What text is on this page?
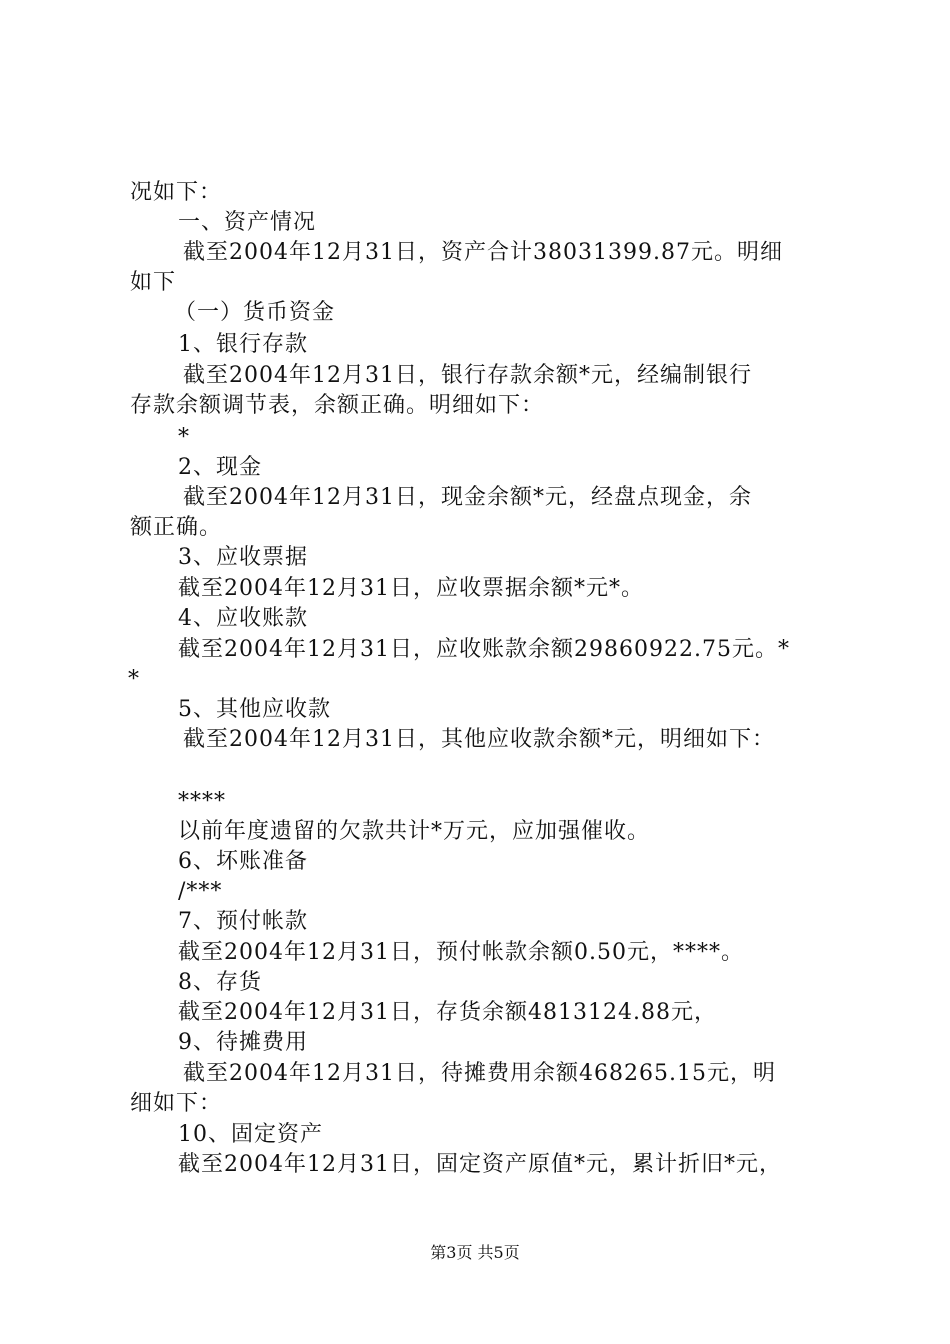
况如下：
一、资产情况
截至2004年12月31日，资产合计38031399.87元。明细
如下
（一）货币资金
1、银行存款
截至2004年12月31日，银行存款余额*元，经编制银行
存款余额调节表，余额正确。明细如下：
*
2、现金
截至2004年12月31日，现金余额*元，经盘点现金，余
额正确。
3、应收票据
截至2004年12月31日，应收票据余额*元*。
4、应收账款
截至2004年12月31日，应收账款余额29860922.75元。*
*
5、其他应收款
截至2004年12月31日，其他应收款余额*元，明细如下：
****
以前年度遗留的欠款共计*万元，应加强催收。
6、坏账准备
/***
7、预付帐款
截至2004年12月31日，预付帐款余额0.50元，****。
8、存货
截至2004年12月31日，存货余额4813124.88元，
9、待摊费用
截至2004年12月31日，待摊费用余额468265.15元，明
细如下：
10、固定资产
截至2004年12月31日，固定资产原值*元，累计折旧*元，
第3页 共5页
